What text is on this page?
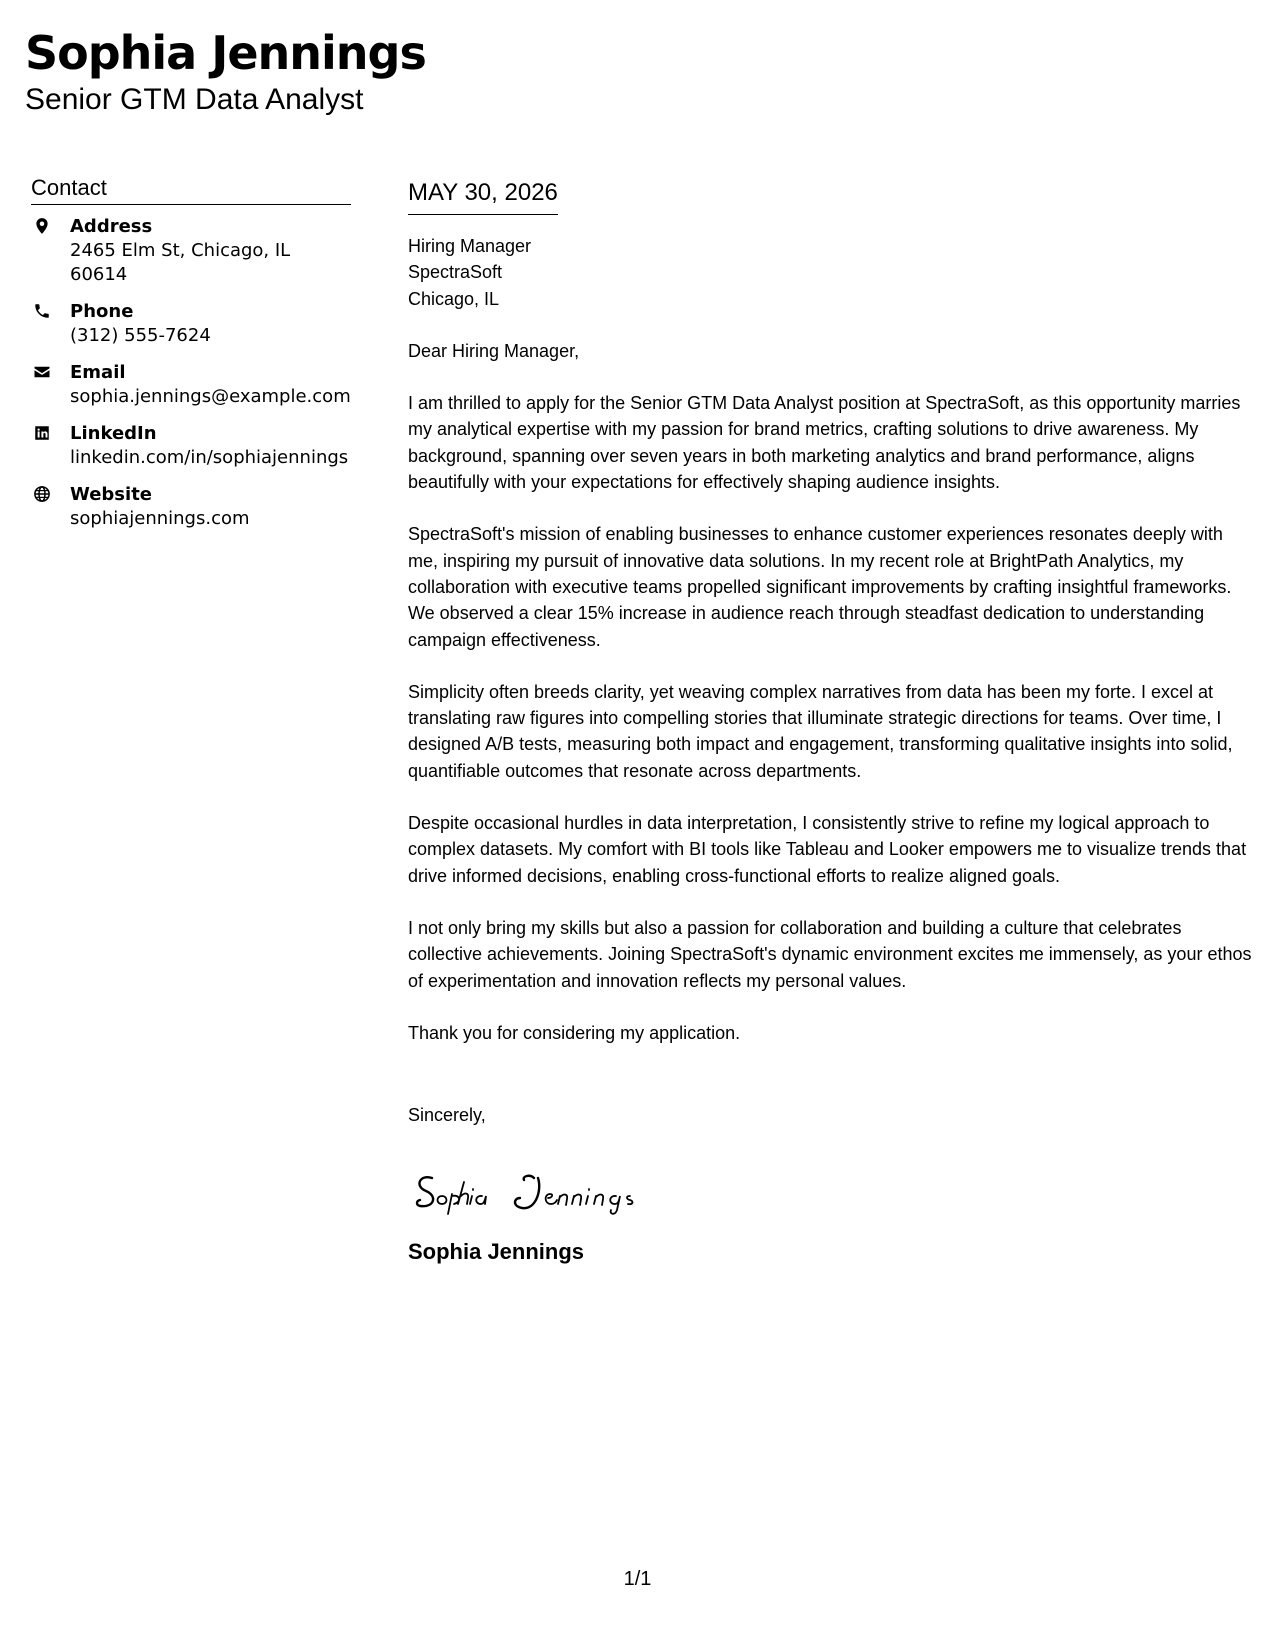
Sophia Jennings
Senior GTM Data Analyst
Contact
Address
2465 Elm St, Chicago, IL 60614
Phone
(312) 555-7624
Email
sophia.jennings@example.com
LinkedIn
linkedin.com/in/sophiajennings
Website
sophiajennings.com
MAY 30, 2026

Hiring Manager

SpectraSoft

Chicago, IL

Dear Hiring Manager,

I am thrilled to apply for the Senior GTM Data Analyst position at SpectraSoft, as this opportunity marries my analytical expertise with my passion for brand metrics, crafting solutions to drive awareness. My background, spanning over seven years in both marketing analytics and brand performance, aligns beautifully with your expectations for effectively shaping audience insights.

SpectraSoft's mission of enabling businesses to enhance customer experiences resonates deeply with me, inspiring my pursuit of innovative data solutions. In my recent role at BrightPath Analytics, my collaboration with executive teams propelled significant improvements by crafting insightful frameworks. We observed a clear 15% increase in audience reach through steadfast dedication to understanding campaign effectiveness.

Simplicity often breeds clarity, yet weaving complex narratives from data has been my forte. I excel at translating raw figures into compelling stories that illuminate strategic directions for teams. Over time, I designed A/B tests, measuring both impact and engagement, transforming qualitative insights into solid, quantifiable outcomes that resonate across departments.

Despite occasional hurdles in data interpretation, I consistently strive to refine my logical approach to complex datasets. My comfort with BI tools like Tableau and Looker empowers me to visualize trends that drive informed decisions, enabling cross-functional efforts to realize aligned goals.

I not only bring my skills but also a passion for collaboration and building a culture that celebrates collective achievements. Joining SpectraSoft's dynamic environment excites me immensely, as your ethos of experimentation and innovation reflects my personal values.

Thank you for considering my application.

Sincerely,
Sophia Jennings
1/1
